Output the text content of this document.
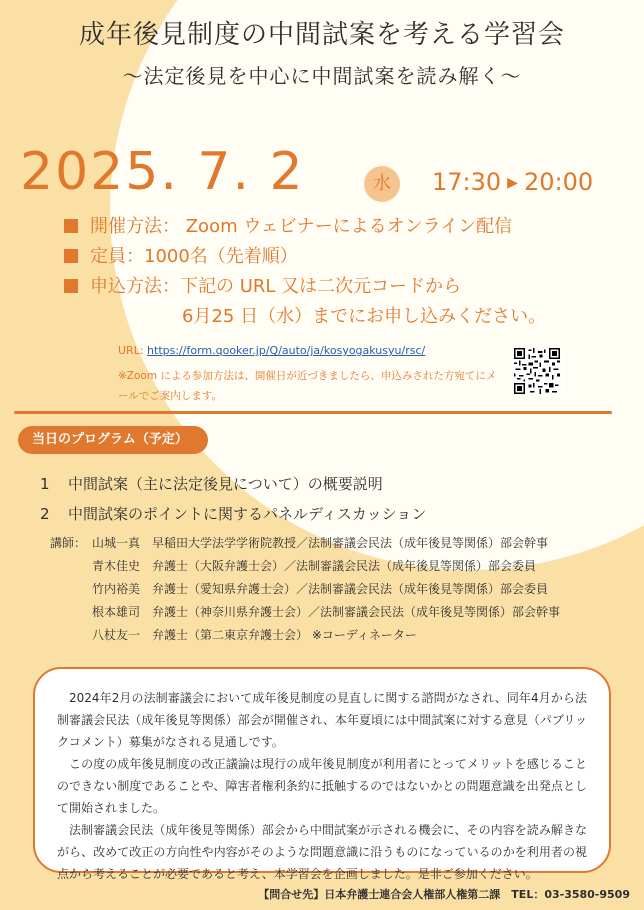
成年後見制度の中間試案を考える学習会
～法定後見を中心に中間試案を読み解く～
2025. 7. 2	水	17:30 ▶ 20:00
開催方法： Zoom ウェビナーによるオンライン配信
定員：1000名（先着順）
申込方法：下記の URL 又は二次元コードから
6月25 日（水）までにお申し込みください。
URL: https://form.qooker.jp/Q/auto/ja/kosyogakusyu/rsc/
※Zoom による参加方法は、開催日が近づきましたら、申込みされた方宛てにメールでご案内します。
当日のプログラム（予定）
1 中間試案（主に法定後見について）の概要説明
2 中間試案のポイントに関するパネルディスカッション
講師： 山城一真 早稲田大学法学学術院教授／法制審議会民法（成年後見等関係）部会幹事
青木佳史 弁護士（大阪弁護士会）／法制審議会民法（成年後見等関係）部会委員
竹内裕美 弁護士（愛知県弁護士会）／法制審議会民法（成年後見等関係）部会委員
根本雄司 弁護士（神奈川県弁護士会）／法制審議会民法（成年後見等関係）部会幹事
八杖友一 弁護士（第二東京弁護士会） ※コーディネーター

2024年2月の法制審議会において成年後見制度の見直しに関する諮問がなされ、同年4月から法制審議会民法（成年後見等関係）部会が開催され、本年夏頃には中間試案に対する意見（パブリックコメント）募集がなされる見通しです。

この度の成年後見制度の改正議論は現行の成年後見制度が利用者にとってメリットを感じることのできない制度であることや、障害者権利条約に抵触するのではないかとの問題意識を出発点として開始されました。

法制審議会民法（成年後見等関係）部会から中間試案が示される機会に、その内容を読み解きながら、改めて改正の方向性や内容がそのような問題意識に沿うものになっているのかを利用者の視点から考えることが必要であると考え、本学習会を企画しました。是非ご参加ください。

【問合せ先】日本弁護士連合会人権部人権第二課　TEL：03-3580-9509
